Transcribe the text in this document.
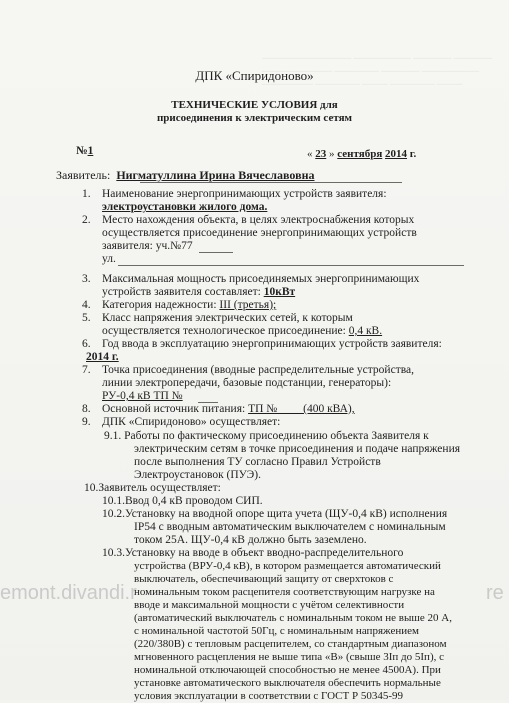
────────────── ───────── ────── ──────
─────────── ─────── ────── ─────────
──────── ─────── ──── ─────── ────
ДПК «Спиридоново»
ТЕХНИЧЕСКИЕ УСЛОВИЯ для
присоединения к электрическим сетям
№1	« 23 » сентября 2014 г.
Заявитель: Нигматуллина Ирина Вячеславовна
1. Наименование энергопринимающих устройств заявителя:
электроустановки жилого дома.
2. Место нахождения объекта, в целях электроснабжения которых
осуществляется присоединение энергопринимающих устройств
заявителя: уч.№77
ул.
3. Максимальная мощность присоединяемых энергопринимающих
устройств заявителя составляет: 10кВт
4. Категория надежности: III (третья);
5. Класс напряжения электрических сетей, к которым
осуществляется технологическое присоединение: 0,4 кВ.
6. Год ввода в эксплуатацию энергопринимающих устройств заявителя:
2014 г.
7. Точка присоединения (вводные распределительные устройства,
линии электропередачи, базовые подстанции, генераторы):
РУ-0,4 кВ ТП №
8. Основной источник питания: ТП №         (400 кВА),
9. ДПК «Спиридоново» осуществляет:
9.1. Работы по фактическому присоединению объекта Заявителя к
электрическим сетям в точке присоединения и подаче напряжения
после выполнения ТУ согласно Правил Устройств
Электроустановок (ПУЭ).
10.Заявитель осуществляет:
10.1.Ввод 0,4 кВ проводом СИП.
10.2.Установку на вводной опоре щита учета (ЩУ-0,4 кВ) исполнения
IP54 с вводным автоматическим выключателем с номинальным
током 25А. ЩУ-0,4 кВ должно быть заземлено.
10.3.Установку на вводе в объект вводно-распределительного
устройства (ВРУ-0,4 кВ), в котором размещается автоматический
выключатель, обеспечивающий защиту от сверхтоков с
номинальным током расцепителя соответствующим нагрузке на
вводе и максимальной мощности с учётом селективности
(автоматический выключатель с номинальным током не выше 20 А,
с номинальной частотой 50Гц, с номинальным напряжением
(220/380В) с тепловым расцепителем, со стандартным диапазоном
мгновенного расцепления не выше типа «В» (свыше 3Iп до 5Iп), с
номинальной отключающей способностью не менее 4500А). При
установке автоматического выключателя обеспечить нормальные
условия эксплуатации в соответствии с ГОСТ Р 50345-99
emont.divandi.r	re
